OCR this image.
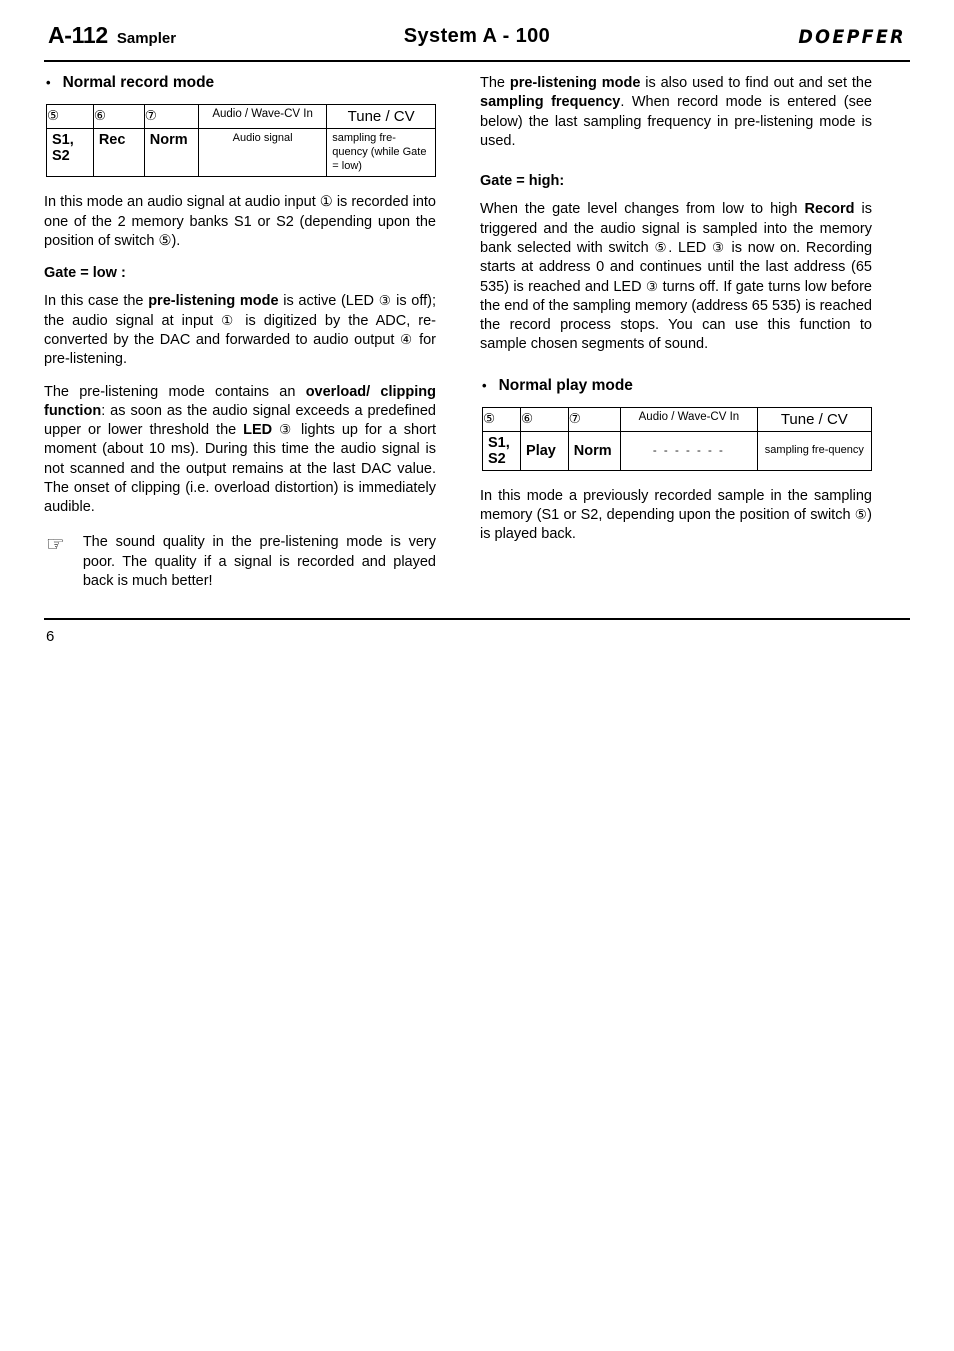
A-112 Sampler	System A - 100	DOEPFER
• Normal record mode
⑤	⑥	⑦	Audio / Wave-CV In	Tune / CV
S1, S2	Rec	Norm	Audio signal	sampling fre-quency (while Gate = low)

In this mode an audio signal at audio input ① is recorded into one of the 2 memory banks S1 or S2 (depending upon the position of switch ⑤).

Gate = low :

In this case the pre-listening mode is active (LED ③ is off); the audio signal at input ① is digitized by the ADC, re-converted by the DAC and forwarded to audio output ④ for pre-listening.

The pre-listening mode contains an overload/ clipping function: as soon as the audio signal exceeds a predefined upper or lower threshold the LED ③ lights up for a short moment (about 10 ms). During this time the audio signal is not scanned and the output remains at the last DAC value. The onset of clipping (i.e. overload distortion) is immediately audible.

☞ The sound quality in the pre-listening mode is very poor. The quality if a signal is recorded and played back is much better!

The pre-listening mode is also used to find out and set the sampling frequency. When record mode is entered (see below) the last sampling frequency in pre-listening mode is used.

Gate = high:

When the gate level changes from low to high Record is triggered and the audio signal is sampled into the memory bank selected with switch ⑤. LED ③ is now on. Recording starts at address 0 and continues until the last address (65 535) is reached and LED ③ turns off. If gate turns low before the end of the sampling memory (address 65 535) is reached the record process stops. You can use this function to sample chosen segments of sound.

• Normal play mode
⑤	⑥	⑦	Audio / Wave-CV In	Tune / CV
S1, S2	Play	Norm	- - - - - - -	sampling fre-quency

In this mode a previously recorded sample in the sampling memory (S1 or S2, depending upon the position of switch ⑤) is played back.

6
